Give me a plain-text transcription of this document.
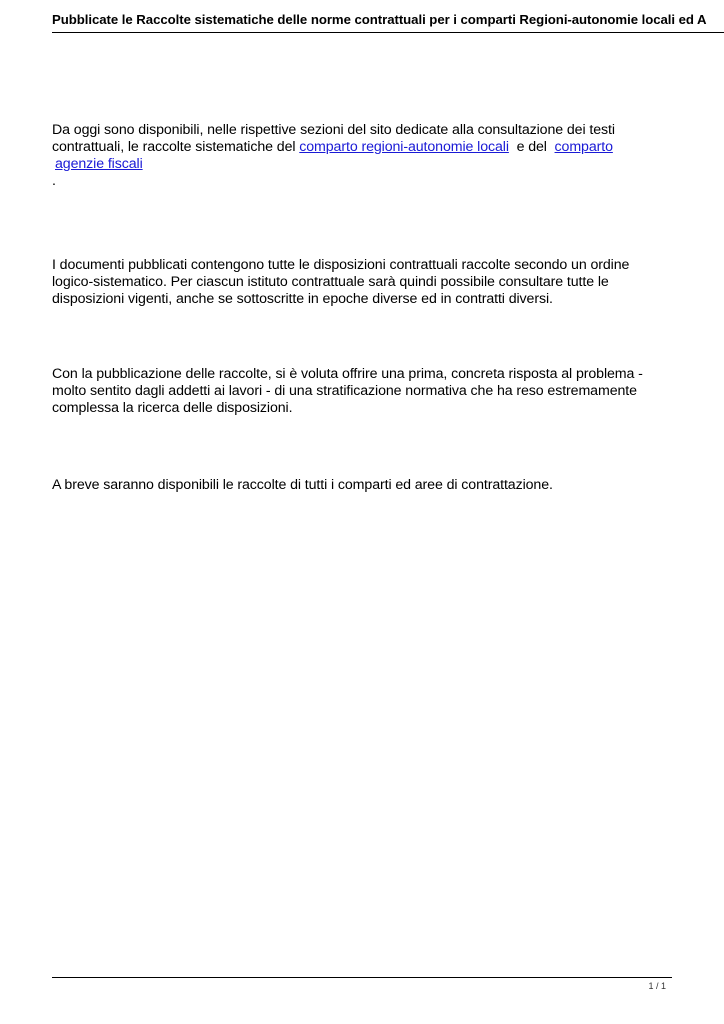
Pubblicate le Raccolte sistematiche delle norme contrattuali per i comparti Regioni-autonomie locali ed A
Da oggi sono disponibili, nelle rispettive sezioni del sito dedicate alla consultazione dei testi
contrattuali, le raccolte sistematiche del comparto regioni-autonomie locali  e del  comparto
agenzie fiscali
.
I documenti pubblicati contengono tutte le disposizioni contrattuali raccolte secondo un ordine
logico-sistematico. Per ciascun istituto contrattuale sarà quindi possibile consultare tutte le
disposizioni vigenti, anche se sottoscritte in epoche diverse ed in contratti diversi.
Con la pubblicazione delle raccolte, si è voluta offrire una prima, concreta risposta al problema -
molto sentito dagli addetti ai lavori - di una stratificazione normativa che ha reso estremamente
complessa la ricerca delle disposizioni.
A breve saranno disponibili le raccolte di tutti i comparti ed aree di contrattazione.
1 / 1
